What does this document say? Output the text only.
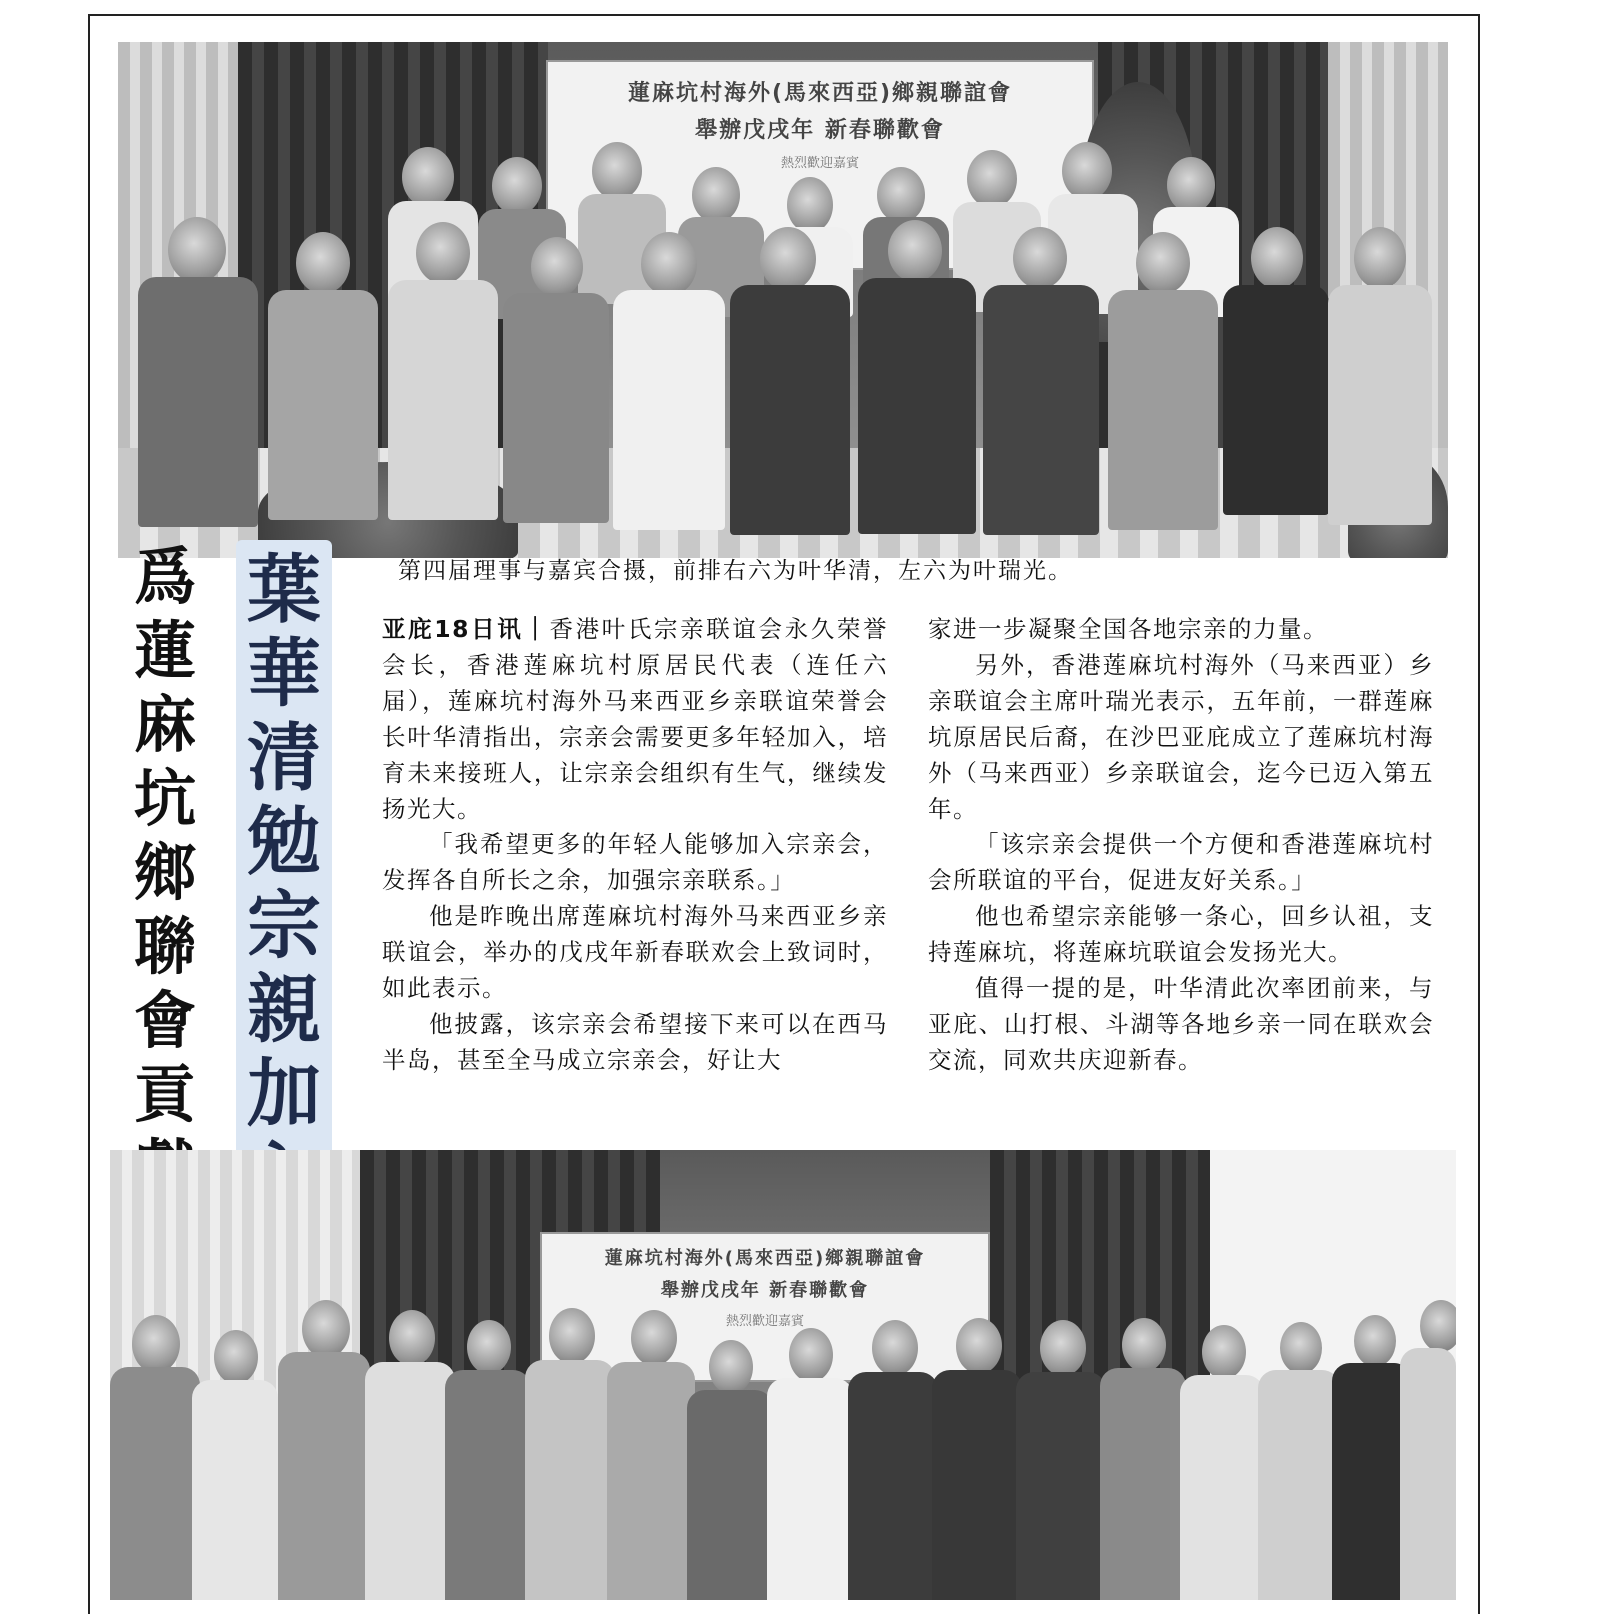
蓮麻坑村海外(馬來西亞)鄉親聯誼會
舉辦戊戌年 新春聯歡會
熱烈歡迎嘉賓
第四届理事与嘉宾合摄，前排右六为叶华清，左六为叶瑞光。
爲
蓮
麻
坑
鄉
聯
會
貢
葉
華
清
勉
宗
親
加

亚庇18日讯｜香港叶氏宗亲联谊会永久荣誉会长，香港莲麻坑村原居民代表（连任六届），莲麻坑村海外马来西亚乡亲联谊荣誉会长叶华清指出，宗亲会需要更多年轻加入，培育未来接班人，让宗亲会组织有生气，继续发扬光大。

「我希望更多的年轻人能够加入宗亲会，发挥各自所长之余，加强宗亲联系。」

他是昨晚出席莲麻坑村海外马来西亚乡亲联谊会，举办的戊戌年新春联欢会上致词时，如此表示。

他披露，该宗亲会希望接下来可以在西马半岛，甚至全马成立宗亲会，好让大

家进一步凝聚全国各地宗亲的力量。

另外，香港莲麻坑村海外（马来西亚）乡亲联谊会主席叶瑞光表示，五年前，一群莲麻坑原居民后裔，在沙巴亚庇成立了莲麻坑村海外（马来西亚）乡亲联谊会，迄今已迈入第五年。

「该宗亲会提供一个方便和香港莲麻坑村会所联谊的平台，促进友好关系。」

他也希望宗亲能够一条心，回乡认祖，支持莲麻坑，将莲麻坑联谊会发扬光大。

值得一提的是，叶华清此次率团前来，与亚庇、山打根、斗湖等各地乡亲一同在联欢会交流，同欢共庆迎新春。

蓮麻坑村海外(馬來西亞)鄉親聯誼會
舉辦戊戌年 新春聯歡會
熱烈歡迎嘉賓
